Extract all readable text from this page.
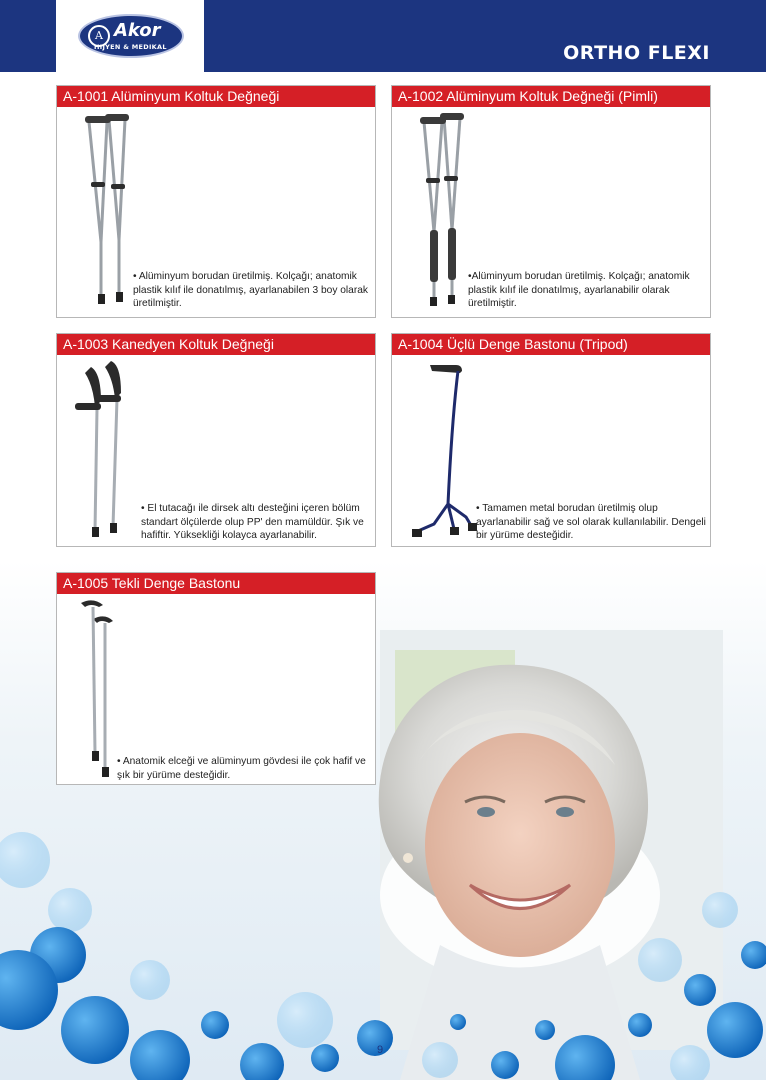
A Akor
HIJYEN & MEDIKAL	ORTHO FLEXI
A-1001 Alüminyum Koltuk Değneği
• Alüminyum borudan üretilmiş. Kolçağı; anatomik plastik kılıf ile donatılmış, ayarlanabilen 3 boy olarak üretilmiştir.
A-1002 Alüminyum Koltuk Değneği (Pimli)
•Alüminyum borudan üretilmiş. Kolçağı; anatomik plastik kılıf ile donatılmış, ayarlanabilir olarak üretilmiştir.
A-1003 Kanedyen Koltuk Değneği
• El tutacağı ile dirsek altı desteğini içeren bölüm standart ölçülerde olup PP' den mamüldür. Şık ve hafiftir. Yüksekliği kolayca ayarlanabilir.
A-1004 Üçlü Denge Bastonu (Tripod)
• Tamamen metal borudan üretilmiş olup ayarlanabilir sağ ve sol olarak kullanılabilir. Dengeli bir yürüme desteğidir.
A-1005 Tekli Denge Bastonu
• Anatomik elceği ve alüminyum gövdesi ile çok hafif ve şık bir yürüme desteğidir.
9
